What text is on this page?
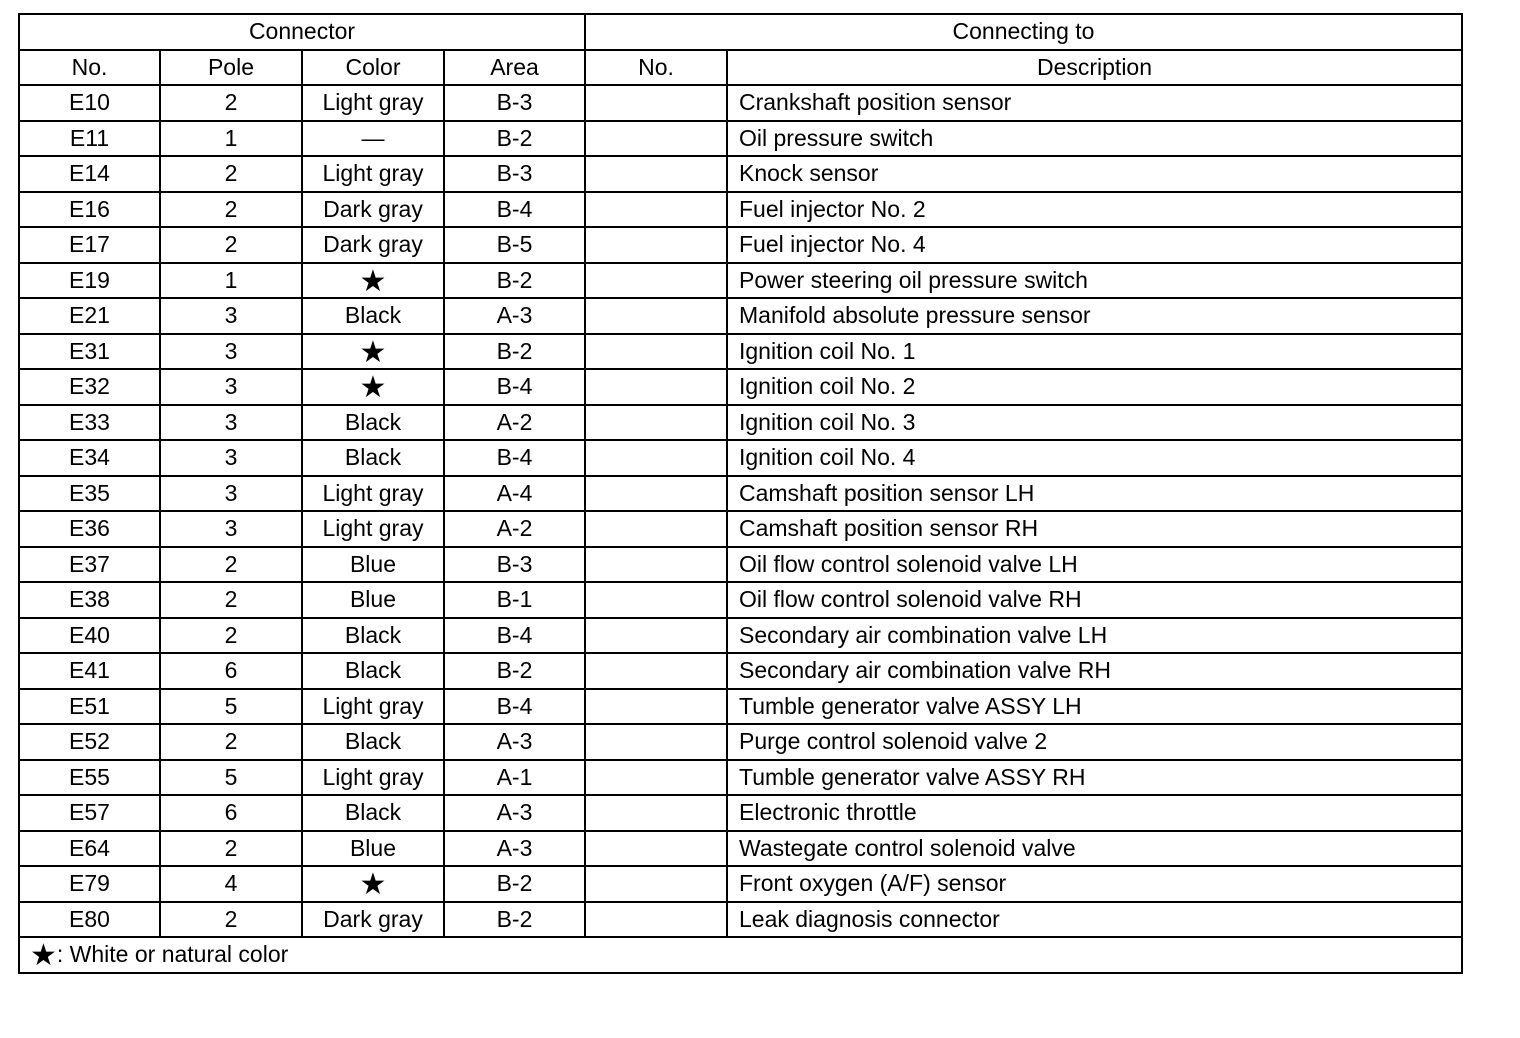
Connector				Connecting to	
No.	Pole	Color	Area	No.	Description
E10	2	Light gray	B-3		Crankshaft position sensor
E11	1	—	B-2		Oil pressure switch
E14	2	Light gray	B-3		Knock sensor
E16	2	Dark gray	B-4		Fuel injector No. 2
E17	2	Dark gray	B-5		Fuel injector No. 4
E19	1	★	B-2		Power steering oil pressure switch
E21	3	Black	A-3		Manifold absolute pressure sensor
E31	3	★	B-2		Ignition coil No. 1
E32	3	★	B-4		Ignition coil No. 2
E33	3	Black	A-2		Ignition coil No. 3
E34	3	Black	B-4		Ignition coil No. 4
E35	3	Light gray	A-4		Camshaft position sensor LH
E36	3	Light gray	A-2		Camshaft position sensor RH
E37	2	Blue	B-3		Oil flow control solenoid valve LH
E38	2	Blue	B-1		Oil flow control solenoid valve RH
E40	2	Black	B-4		Secondary air combination valve LH
E41	6	Black	B-2		Secondary air combination valve RH
E51	5	Light gray	B-4		Tumble generator valve ASSY LH
E52	2	Black	A-3		Purge control solenoid valve 2
E55	5	Light gray	A-1		Tumble generator valve ASSY RH
E57	6	Black	A-3		Electronic throttle
E64	2	Blue	A-3		Wastegate control solenoid valve
E79	4	★	B-2		Front oxygen (A/F) sensor
E80	2	Dark gray	B-2		Leak diagnosis connector
★: White or natural color					
